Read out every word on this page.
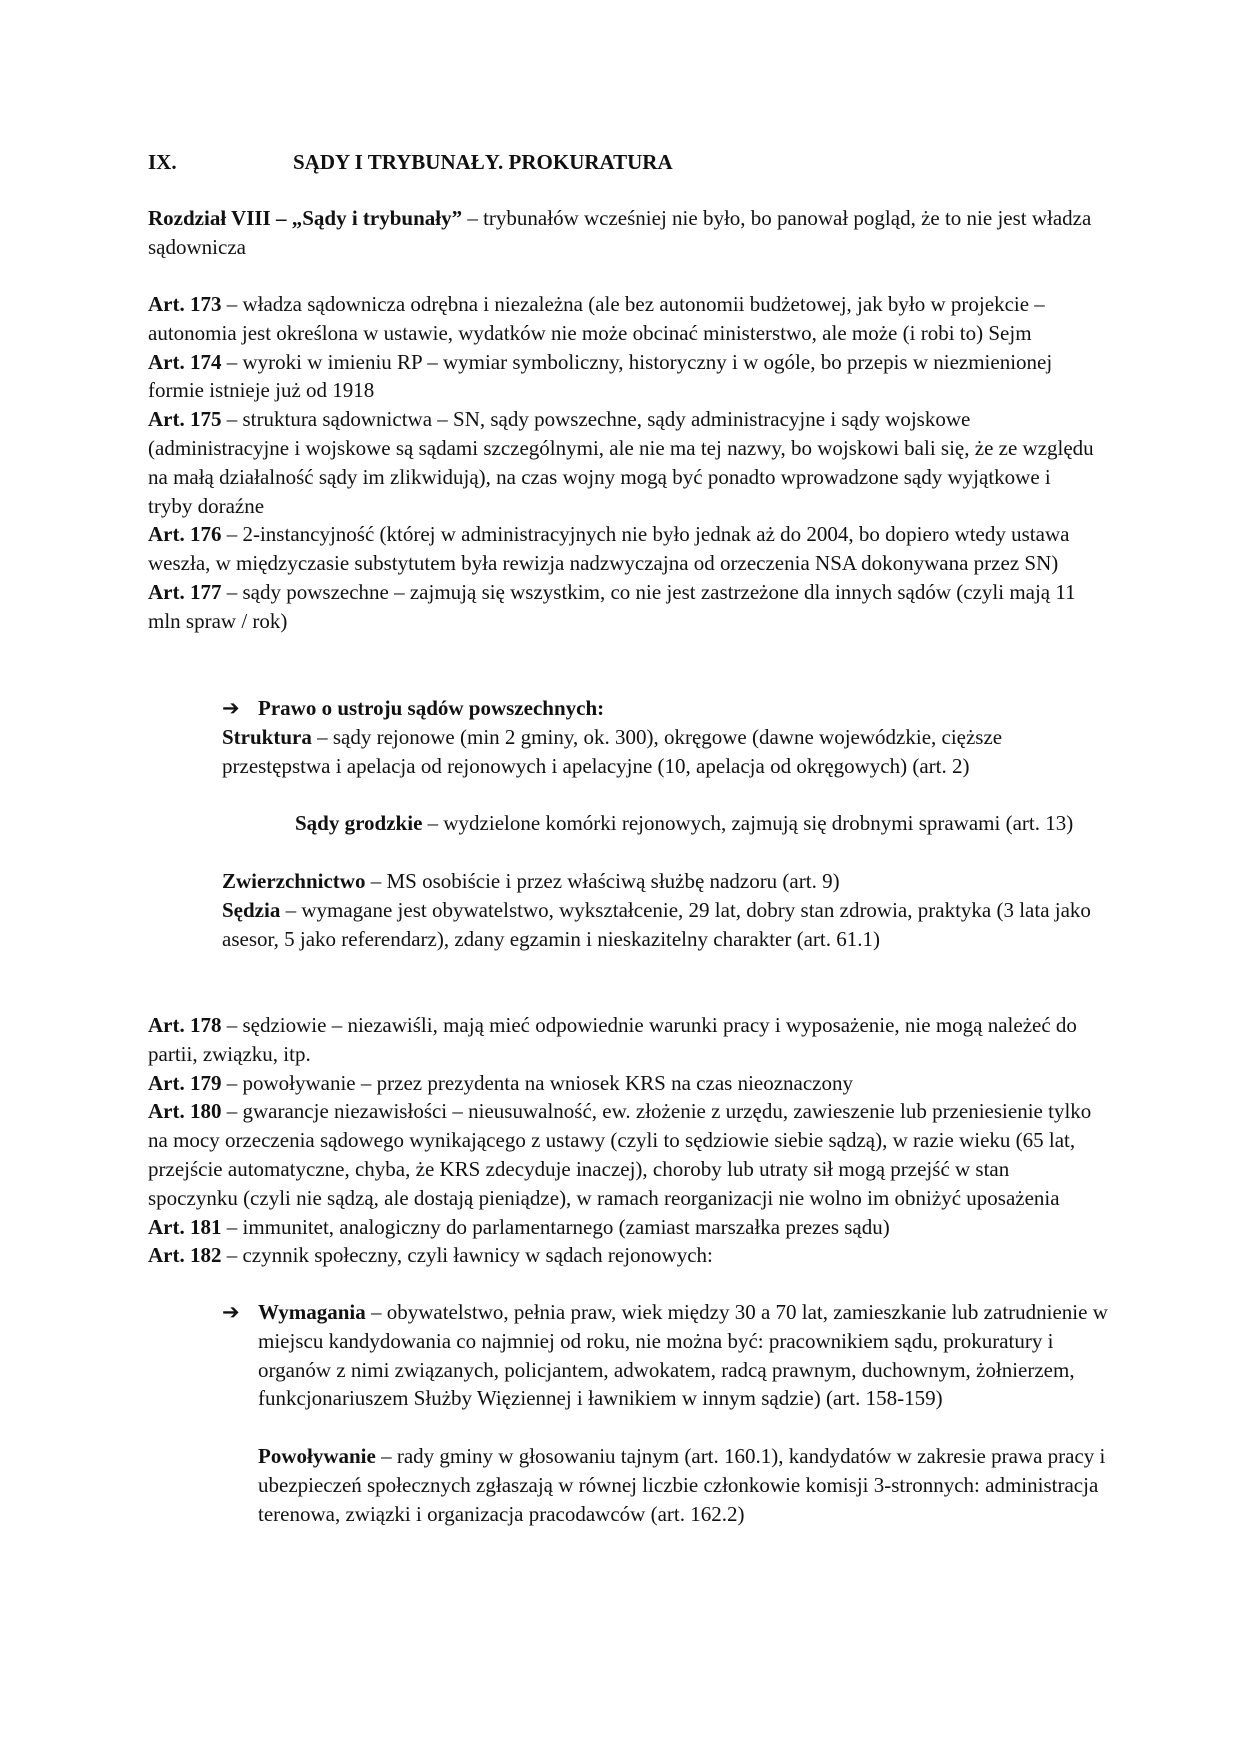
IX.	SĄDY I TRYBUNAŁY. PROKURATURA

Rozdział VIII – „Sądy i trybunały” – trybunałów wcześniej nie było, bo panował pogląd, że to nie jest władza sądownicza

Art. 173 – władza sądownicza odrębna i niezależna (ale bez autonomii budżetowej, jak było w projekcie – autonomia jest określona w ustawie, wydatków nie może obcinać ministerstwo, ale może (i robi to) Sejm

Art. 174 – wyroki w imieniu RP – wymiar symboliczny, historyczny i w ogóle, bo przepis w niezmienionej formie istnieje już od 1918

Art. 175 – struktura sądownictwa – SN, sądy powszechne, sądy administracyjne i sądy wojskowe (administracyjne i wojskowe są sądami szczególnymi, ale nie ma tej nazwy, bo wojskowi bali się, że ze względu na małą działalność sądy im zlikwidują), na czas wojny mogą być ponadto wprowadzone sądy wyjątkowe i tryby doraźne

Art. 176 – 2-instancyjność (której w administracyjnych nie było jednak aż do 2004, bo dopiero wtedy ustawa weszła, w międzyczasie substytutem była rewizja nadzwyczajna od orzeczenia NSA dokonywana przez SN)

Art. 177 – sądy powszechne – zajmują się wszystkim, co nie jest zastrzeżone dla innych sądów (czyli mają 11 mln spraw / rok)

➔ Prawo o ustroju sądów powszechnych:

Struktura – sądy rejonowe (min 2 gminy, ok. 300), okręgowe (dawne wojewódzkie, cięższe przestępstwa i apelacja od rejonowych i apelacyjne (10, apelacja od okręgowych) (art. 2)

Sądy grodzkie – wydzielone komórki rejonowych, zajmują się drobnymi sprawami (art. 13)

Zwierzchnictwo – MS osobiście i przez właściwą służbę nadzoru (art. 9)

Sędzia – wymagane jest obywatelstwo, wykształcenie, 29 lat, dobry stan zdrowia, praktyka (3 lata jako asesor, 5 jako referendarz), zdany egzamin i nieskazitelny charakter (art. 61.1)

Art. 178 – sędziowie – niezawiśli, mają mieć odpowiednie warunki pracy i wyposażenie, nie mogą należeć do partii, związku, itp.

Art. 179 – powoływanie – przez prezydenta na wniosek KRS na czas nieoznaczony

Art. 180 – gwarancje niezawisłości – nieusuwalność, ew. złożenie z urzędu, zawieszenie lub przeniesienie tylko na mocy orzeczenia sądowego wynikającego z ustawy (czyli to sędziowie siebie sądzą), w razie wieku (65 lat, przejście automatyczne, chyba, że KRS zdecyduje inaczej), choroby lub utraty sił mogą przejść w stan spoczynku (czyli nie sądzą, ale dostają pieniądze), w ramach reorganizacji nie wolno im obniżyć uposażenia

Art. 181 – immunitet, analogiczny do parlamentarnego (zamiast marszałka prezes sądu)

Art. 182 – czynnik społeczny, czyli ławnicy w sądach rejonowych:

➔ Wymagania – obywatelstwo, pełnia praw, wiek między 30 a 70 lat, zamieszkanie lub zatrudnienie w miejscu kandydowania co najmniej od roku, nie można być: pracownikiem sądu, prokuratury i organów z nimi związanych, policjantem, adwokatem, radcą prawnym, duchownym, żołnierzem, funkcjonariuszem Służby Więziennej i ławnikiem w innym sądzie) (art. 158-159)

Powoływanie – rady gminy w głosowaniu tajnym (art. 160.1), kandydatów w zakresie prawa pracy i ubezpieczeń społecznych zgłaszają w równej liczbie członkowie komisji 3-stronnych: administracja terenowa, związki i organizacja pracodawców (art. 162.2)
